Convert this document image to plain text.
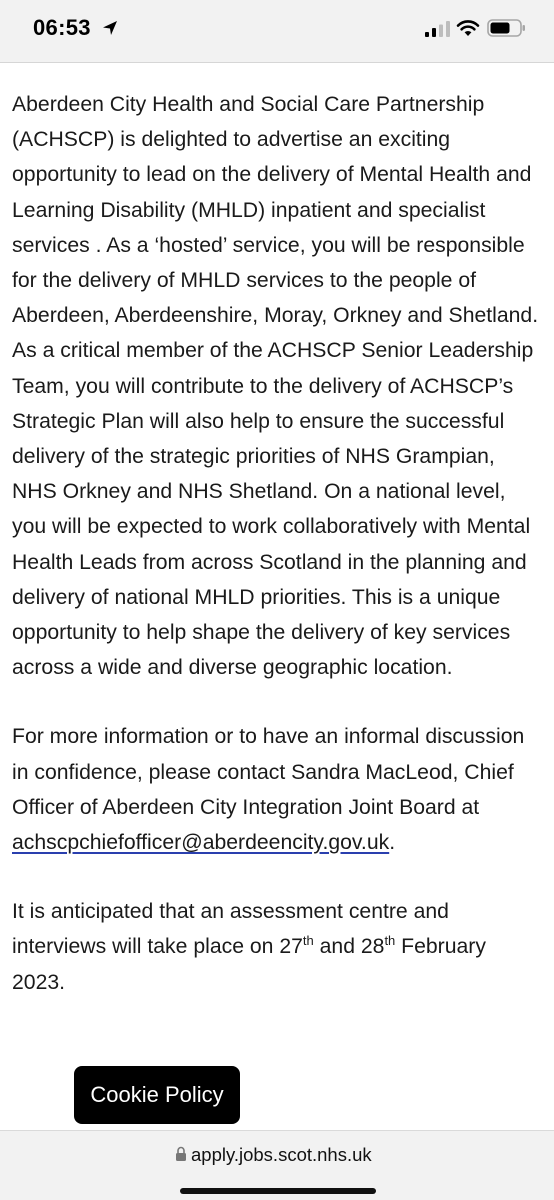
06:53

Aberdeen City Health and Social Care Partnership (ACHSCP) is delighted to advertise an exciting opportunity to lead on the delivery of Mental Health and Learning Disability (MHLD) inpatient and specialist services . As a ‘hosted’ service, you will be responsible for the delivery of MHLD services to the people of Aberdeen, Aberdeenshire, Moray, Orkney and Shetland. As a critical member of the ACHSCP Senior Leadership Team, you will contribute to the delivery of ACHSCP’s Strategic Plan will also help to ensure the successful delivery of the strategic priorities of NHS Grampian, NHS Orkney and NHS Shetland. On a national level, you will be expected to work collaboratively with Mental Health Leads from across Scotland in the planning and delivery of national MHLD priorities. This is a unique opportunity to help shape the delivery of key services across a wide and diverse geographic location.

For more information or to have an informal discussion in confidence, please contact Sandra MacLeod, Chief Officer of Aberdeen City Integration Joint Board at achscpchiefofficer@aberdeencity.gov.uk.

It is anticipated that an assessment centre and interviews will take place on 27th and 28th February 2023.

Cookie Policy
apply.jobs.scot.nhs.uk
